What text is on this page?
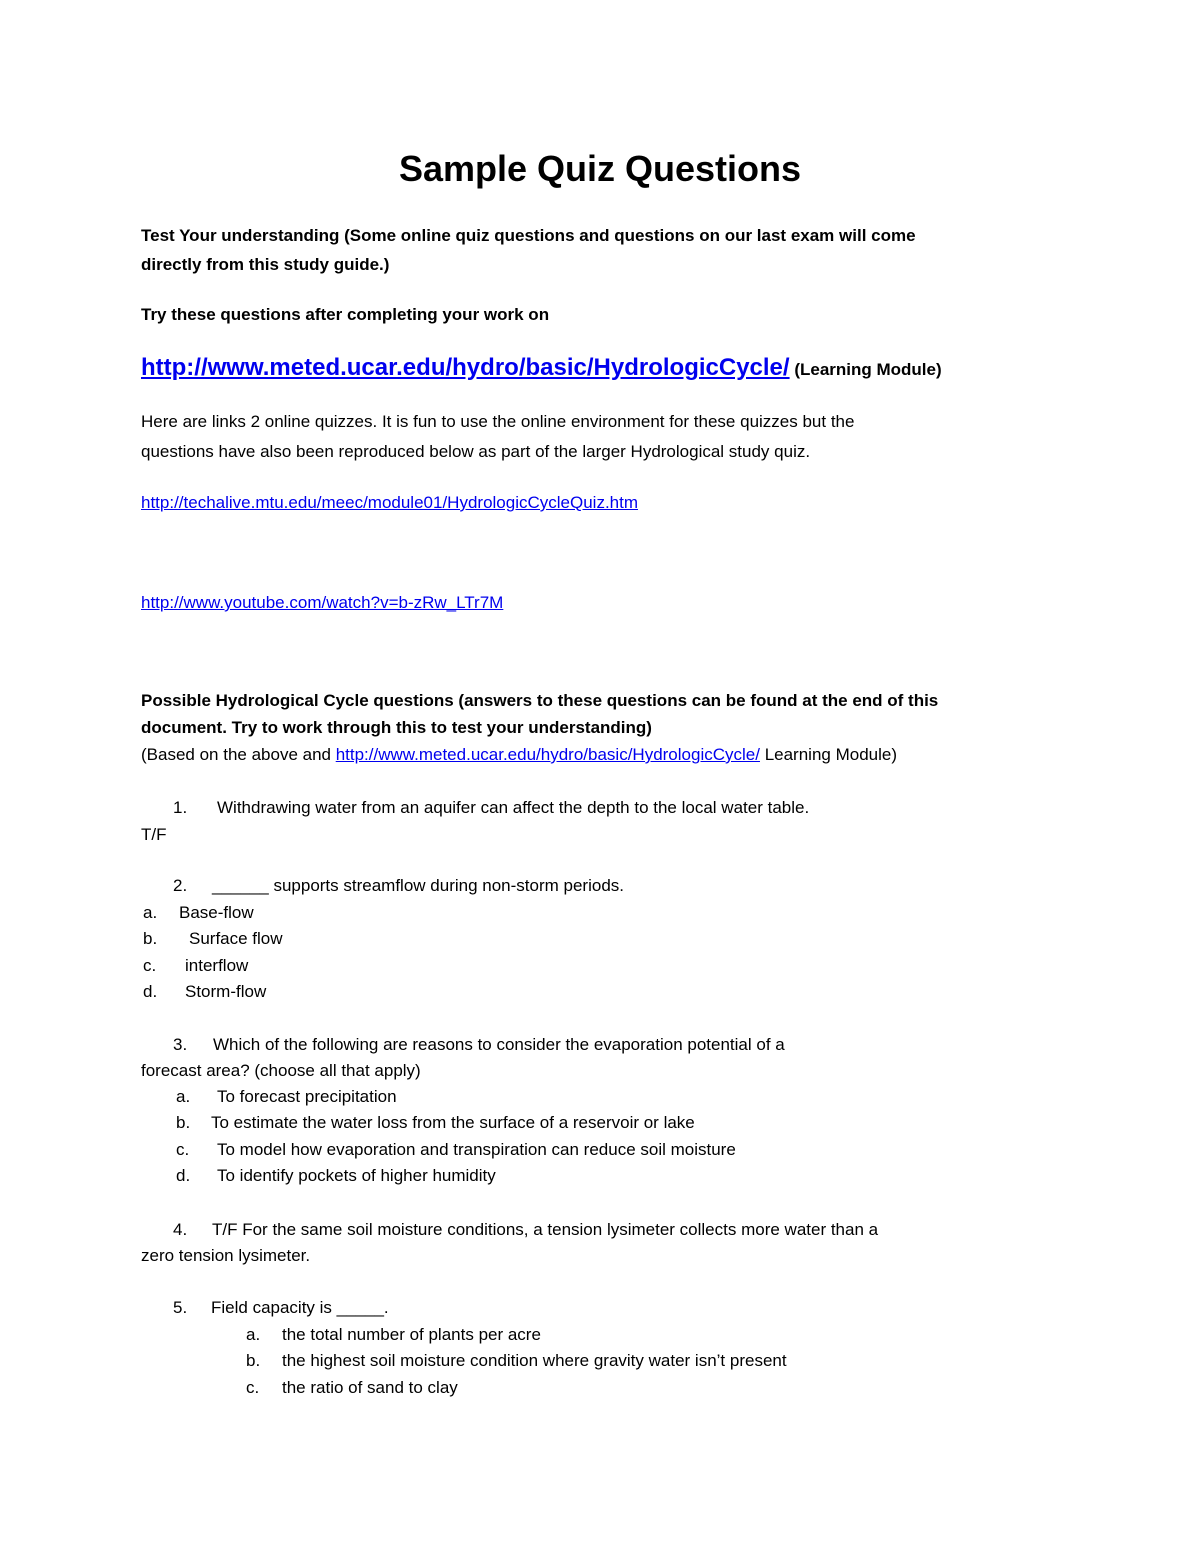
Sample Quiz Questions
Test Your understanding (Some online quiz questions and questions on our last exam will come
directly from this study guide.)
Try these questions after completing your work on
http://www.meted.ucar.edu/hydro/basic/HydrologicCycle/ (Learning Module)
Here are links 2 online quizzes. It is fun to use the online environment for these quizzes but the
questions have also been reproduced below as part of the larger Hydrological study quiz.
http://techalive.mtu.edu/meec/module01/HydrologicCycleQuiz.htm
http://www.youtube.com/watch?v=b-zRw_LTr7M
Possible Hydrological Cycle questions (answers to these questions can be found at the end of this
document. Try to work through this to test your understanding)
(Based on the above and http://www.meted.ucar.edu/hydro/basic/HydrologicCycle/ Learning Module)
1. Withdrawing water from an aquifer can affect the depth to the local water table.
T/F
2. ______ supports streamflow during non-storm periods.
a. Base-flow
b. Surface flow
c. interflow
d. Storm-flow
3. Which of the following are reasons to consider the evaporation potential of a
forecast area? (choose all that apply)
a. To forecast precipitation
b. To estimate the water loss from the surface of a reservoir or lake
c. To model how evaporation and transpiration can reduce soil moisture
d. To identify pockets of higher humidity
4. T/F For the same soil moisture conditions, a tension lysimeter collects more water than a
zero tension lysimeter.
5. Field capacity is _____.
a. the total number of plants per acre
b. the highest soil moisture condition where gravity water isn’t present
c. the ratio of sand to clay
